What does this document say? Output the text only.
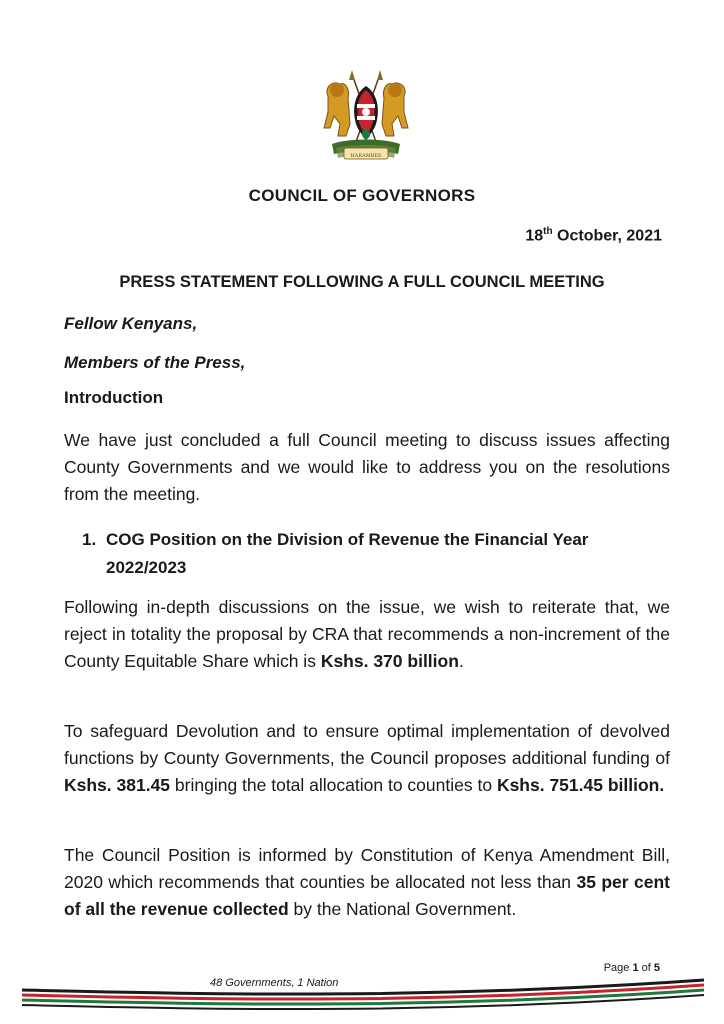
HARAMBEE
COUNCIL OF GOVERNORS
18th October, 2021
PRESS STATEMENT FOLLOWING A FULL COUNCIL MEETING
Fellow Kenyans,
Members of the Press,
Introduction
We have just concluded a full Council meeting to discuss issues affecting County Governments and we would like to address you on the resolutions from the meeting.
1. COG Position on the Division of Revenue the Financial Year 2022/2023
Following in-depth discussions on the issue, we wish to reiterate that, we reject in totality the proposal by CRA that recommends a non-increment of the County Equitable Share which is Kshs. 370 billion.
To safeguard Devolution and to ensure optimal implementation of devolved functions by County Governments, the Council proposes additional funding of Kshs. 381.45 bringing the total allocation to counties to Kshs. 751.45 billion.
The Council Position is informed by Constitution of Kenya Amendment Bill, 2020 which recommends that counties be allocated not less than 35 per cent of all the revenue collected by the National Government.
Page 1 of 5
48 Governments, 1 Nation
